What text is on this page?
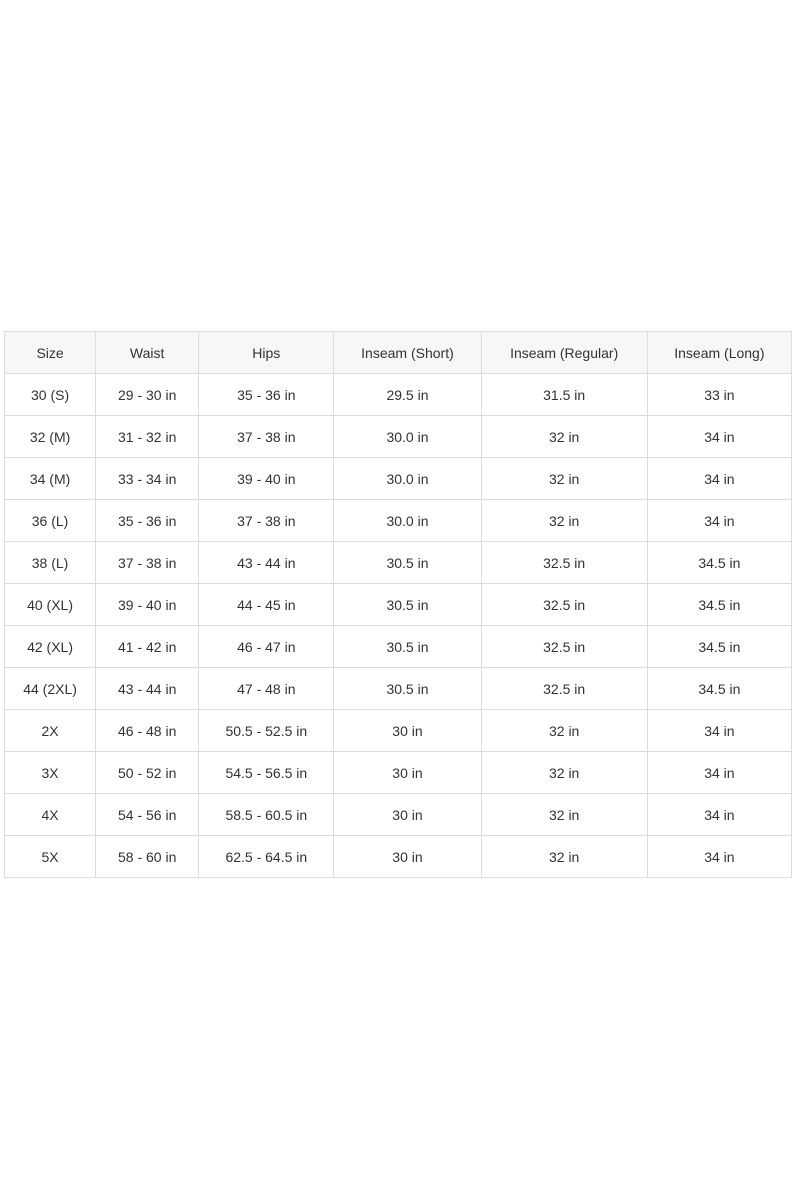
Size	Waist	Hips	Inseam (Short)	Inseam (Regular)	Inseam (Long)
30 (S)	29 - 30 in	35 - 36 in	29.5 in	31.5 in	33 in
32 (M)	31 - 32 in	37 - 38 in	30.0 in	32 in	34 in
34 (M)	33 - 34 in	39 - 40 in	30.0 in	32 in	34 in
36 (L)	35 - 36 in	37 - 38 in	30.0 in	32 in	34 in
38 (L)	37 - 38 in	43 - 44 in	30.5 in	32.5 in	34.5 in
40 (XL)	39 - 40 in	44 - 45 in	30.5 in	32.5 in	34.5 in
42 (XL)	41 - 42 in	46 - 47 in	30.5 in	32.5 in	34.5 in
44 (2XL)	43 - 44 in	47 - 48 in	30.5 in	32.5 in	34.5 in
2X	46 - 48 in	50.5 - 52.5 in	30 in	32 in	34 in
3X	50 - 52 in	54.5 - 56.5 in	30 in	32 in	34 in
4X	54 - 56 in	58.5 - 60.5 in	30 in	32 in	34 in
5X	58 - 60 in	62.5 - 64.5 in	30 in	32 in	34 in
